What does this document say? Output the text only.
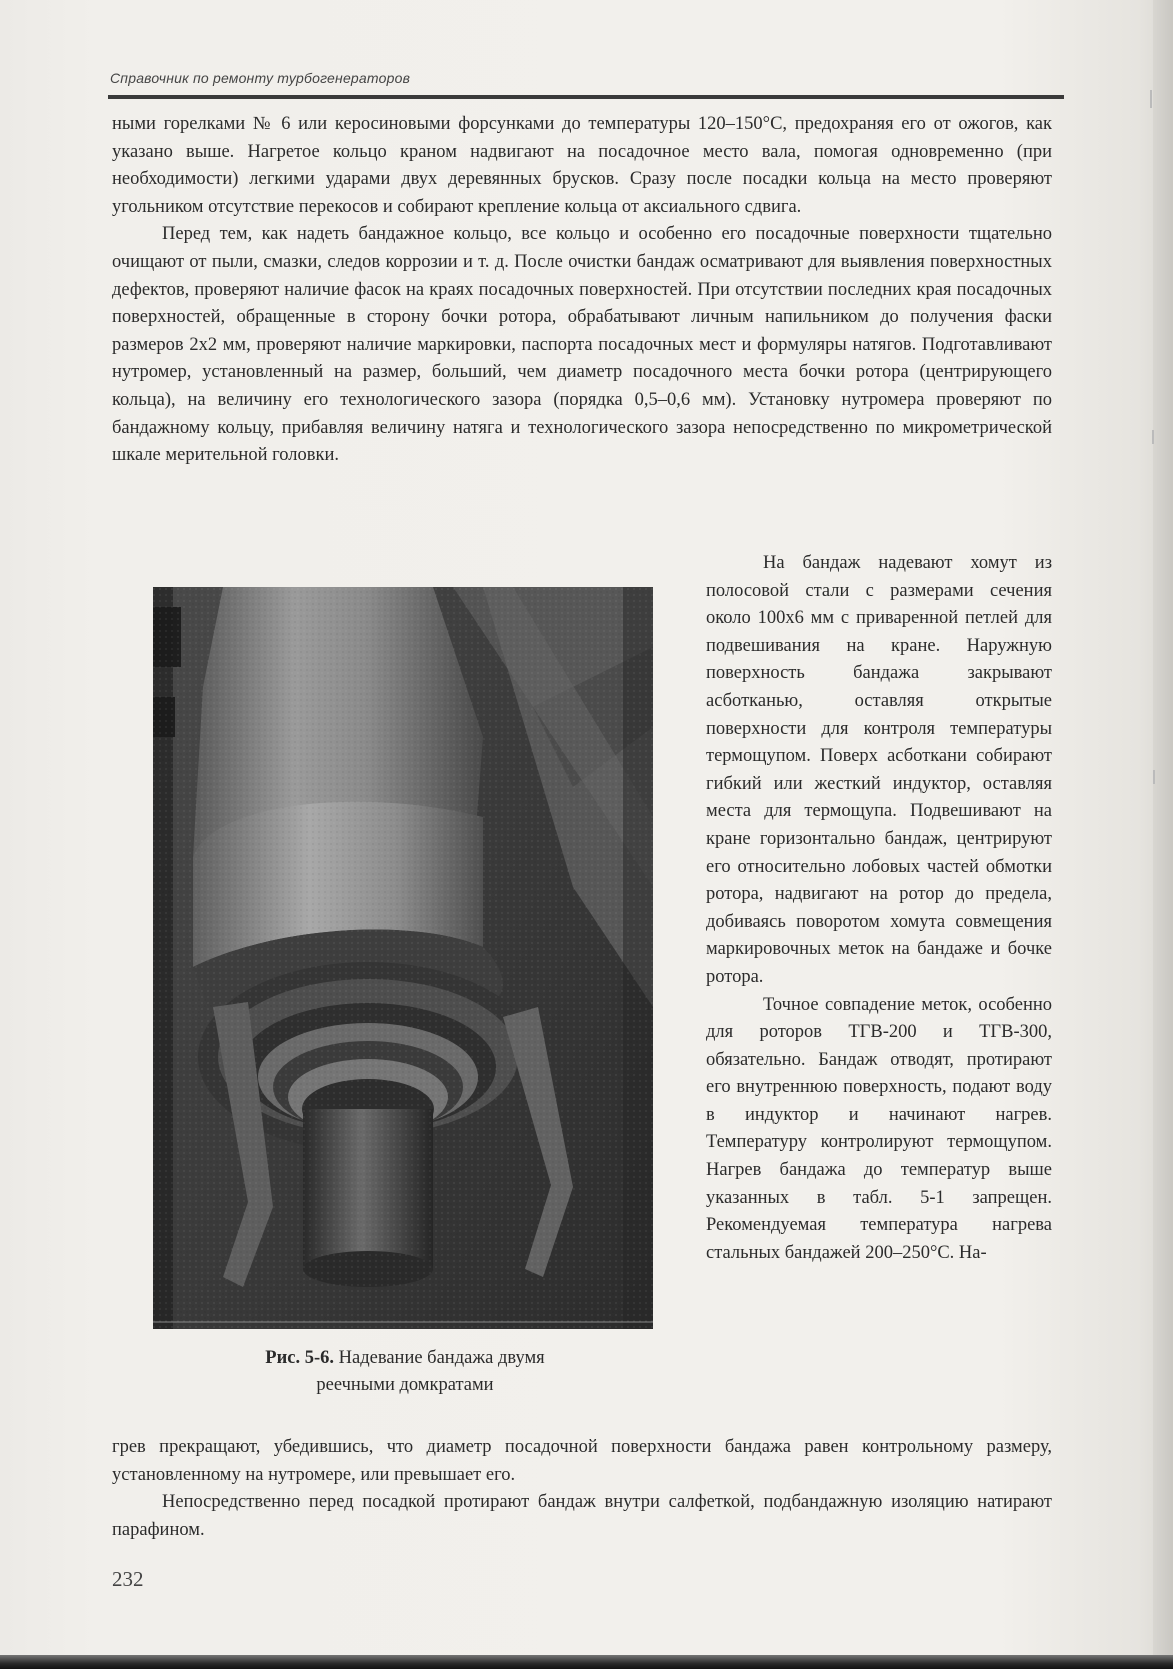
Справочник по ремонту турбогенераторов

ными горелками № 6 или керосиновыми форсунками до температуры 120–150°С, предохраняя его от ожогов, как указано выше. Нагретое кольцо краном надвигают на посадочное место вала, помогая одновременно (при необходимости) легкими ударами двух деревянных брусков. Сразу после посадки кольца на место проверяют угольником отсутствие перекосов и собирают крепление кольца от аксиального сдвига.

Перед тем, как надеть бандажное кольцо, все кольцо и особенно его посадочные поверхности тщательно очищают от пыли, смазки, следов коррозии и т. д. После очистки бандаж осматривают для выявления поверхностных дефектов, проверяют наличие фасок на краях посадочных поверхностей. При отсутствии последних края посадочных поверхностей, обращенные в сторону бочки ротора, обрабатывают личным напильником до получения фаски размеров 2х2 мм, проверяют наличие маркировки, паспорта посадочных мест и формуляры натягов. Подготавливают нутромер, установленный на размер, больший, чем диаметр посадочного места бочки ротора (центрирующего кольца), на величину его технологического зазора (порядка 0,5–0,6 мм). Установку нутромера проверяют по бандажному кольцу, прибавляя величину натяга и технологического зазора непосредственно по микрометрической шкале мерительной головки.

Рис. 5-6. Надевание бандажа двумя
реечными домкратами

На бандаж надевают хомут из полосовой стали с размерами сечения около 100х6 мм с приваренной петлей для подвешивания на кране. Наружную поверхность бандажа закрывают асботканью, оставляя открытые поверхности для контроля температуры термощупом. Поверх асботкани собирают гибкий или жесткий индуктор, оставляя места для термощупа. Подвешивают на кране горизонтально бандаж, центрируют его относительно лобовых частей обмотки ротора, надвигают на ротор до предела, добиваясь поворотом хомута совмещения маркировочных меток на бандаже и бочке ротора.

Точное совпадение меток, особенно для роторов ТГВ-200 и ТГВ-300, обязательно. Бандаж отводят, протирают его внутреннюю поверхность, подают воду в индуктор и начинают нагрев. Температуру контролируют термощупом. Нагрев бандажа до температур выше указанных в табл. 5-1 запрещен. Рекомендуемая температура нагрева стальных бандажей 200–250°С. На-

грев прекращают, убедившись, что диаметр посадочной поверхности бандажа равен контрольному размеру, установленному на нутромере, или превышает его.

Непосредственно перед посадкой протирают бандаж внутри салфеткой, подбандажную изоляцию натирают парафином.

232
